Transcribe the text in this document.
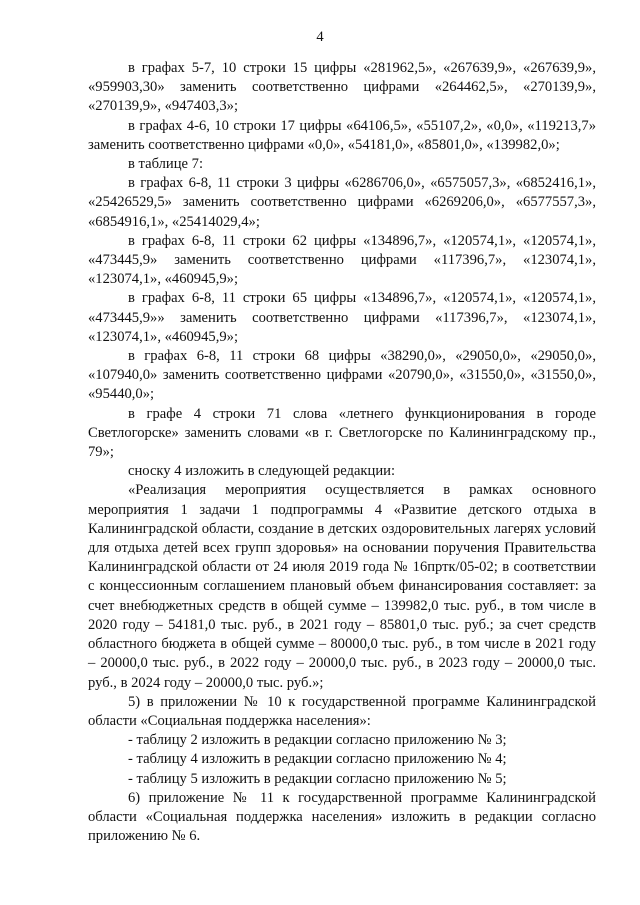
4

в графах 5-7, 10 строки 15 цифры «281962,5», «267639,9», «267639,9», «959903,30» заменить соответственно цифрами «264462,5», «270139,9», «270139,9», «947403,3»;

в графах 4-6, 10 строки 17 цифры «64106,5», «55107,2», «0,0», «119213,7» заменить соответственно цифрами «0,0», «54181,0», «85801,0», «139982,0»;

в таблице 7:

в графах 6-8, 11 строки 3 цифры «6286706,0», «6575057,3», «6852416,1», «25426529,5» заменить соответственно цифрами «6269206,0», «6577557,3», «6854916,1», «25414029,4»;

в графах 6-8, 11 строки 62 цифры «134896,7», «120574,1», «120574,1», «473445,9» заменить соответственно цифрами «117396,7», «123074,1», «123074,1», «460945,9»;

в графах 6-8, 11 строки 65 цифры «134896,7», «120574,1», «120574,1», «473445,9»» заменить соответственно цифрами «117396,7», «123074,1», «123074,1», «460945,9»;

в графах 6-8, 11 строки 68 цифры «38290,0», «29050,0», «29050,0», «107940,0» заменить соответственно цифрами «20790,0», «31550,0», «31550,0», «95440,0»;

в графе 4 строки 71 слова «летнего функционирования в городе Светлогорске» заменить словами «в г. Светлогорске по Калининградскому пр., 79»;

сноску 4 изложить в следующей редакции:

«Реализация мероприятия осуществляется в рамках основного мероприятия 1 задачи 1 подпрограммы 4 «Развитие детского отдыха в Калининградской области, создание в детских оздоровительных лагерях условий для отдыха детей всех групп здоровья» на основании поручения Правительства Калининградской области от 24 июля 2019 года № 16пртк/05-02; в соответствии с концессионным соглашением плановый объем финансирования составляет: за счет внебюджетных средств в общей сумме – 139982,0 тыс. руб., в том числе в 2020 году – 54181,0 тыс. руб., в 2021 году – 85801,0 тыс. руб.; за счет средств областного бюджета в общей сумме – 80000,0 тыс. руб., в том числе в 2021 году – 20000,0 тыс. руб., в 2022 году – 20000,0 тыс. руб., в 2023 году – 20000,0 тыс. руб., в 2024 году – 20000,0 тыс. руб.»;

5) в приложении № 10 к государственной программе Калининградской области «Социальная поддержка населения»:

- таблицу 2 изложить в редакции согласно приложению № 3;

- таблицу 4 изложить в редакции согласно приложению № 4;

- таблицу 5 изложить в редакции согласно приложению № 5;

6) приложение № 11 к государственной программе Калининградской области «Социальная поддержка населения» изложить в редакции согласно приложению № 6.
